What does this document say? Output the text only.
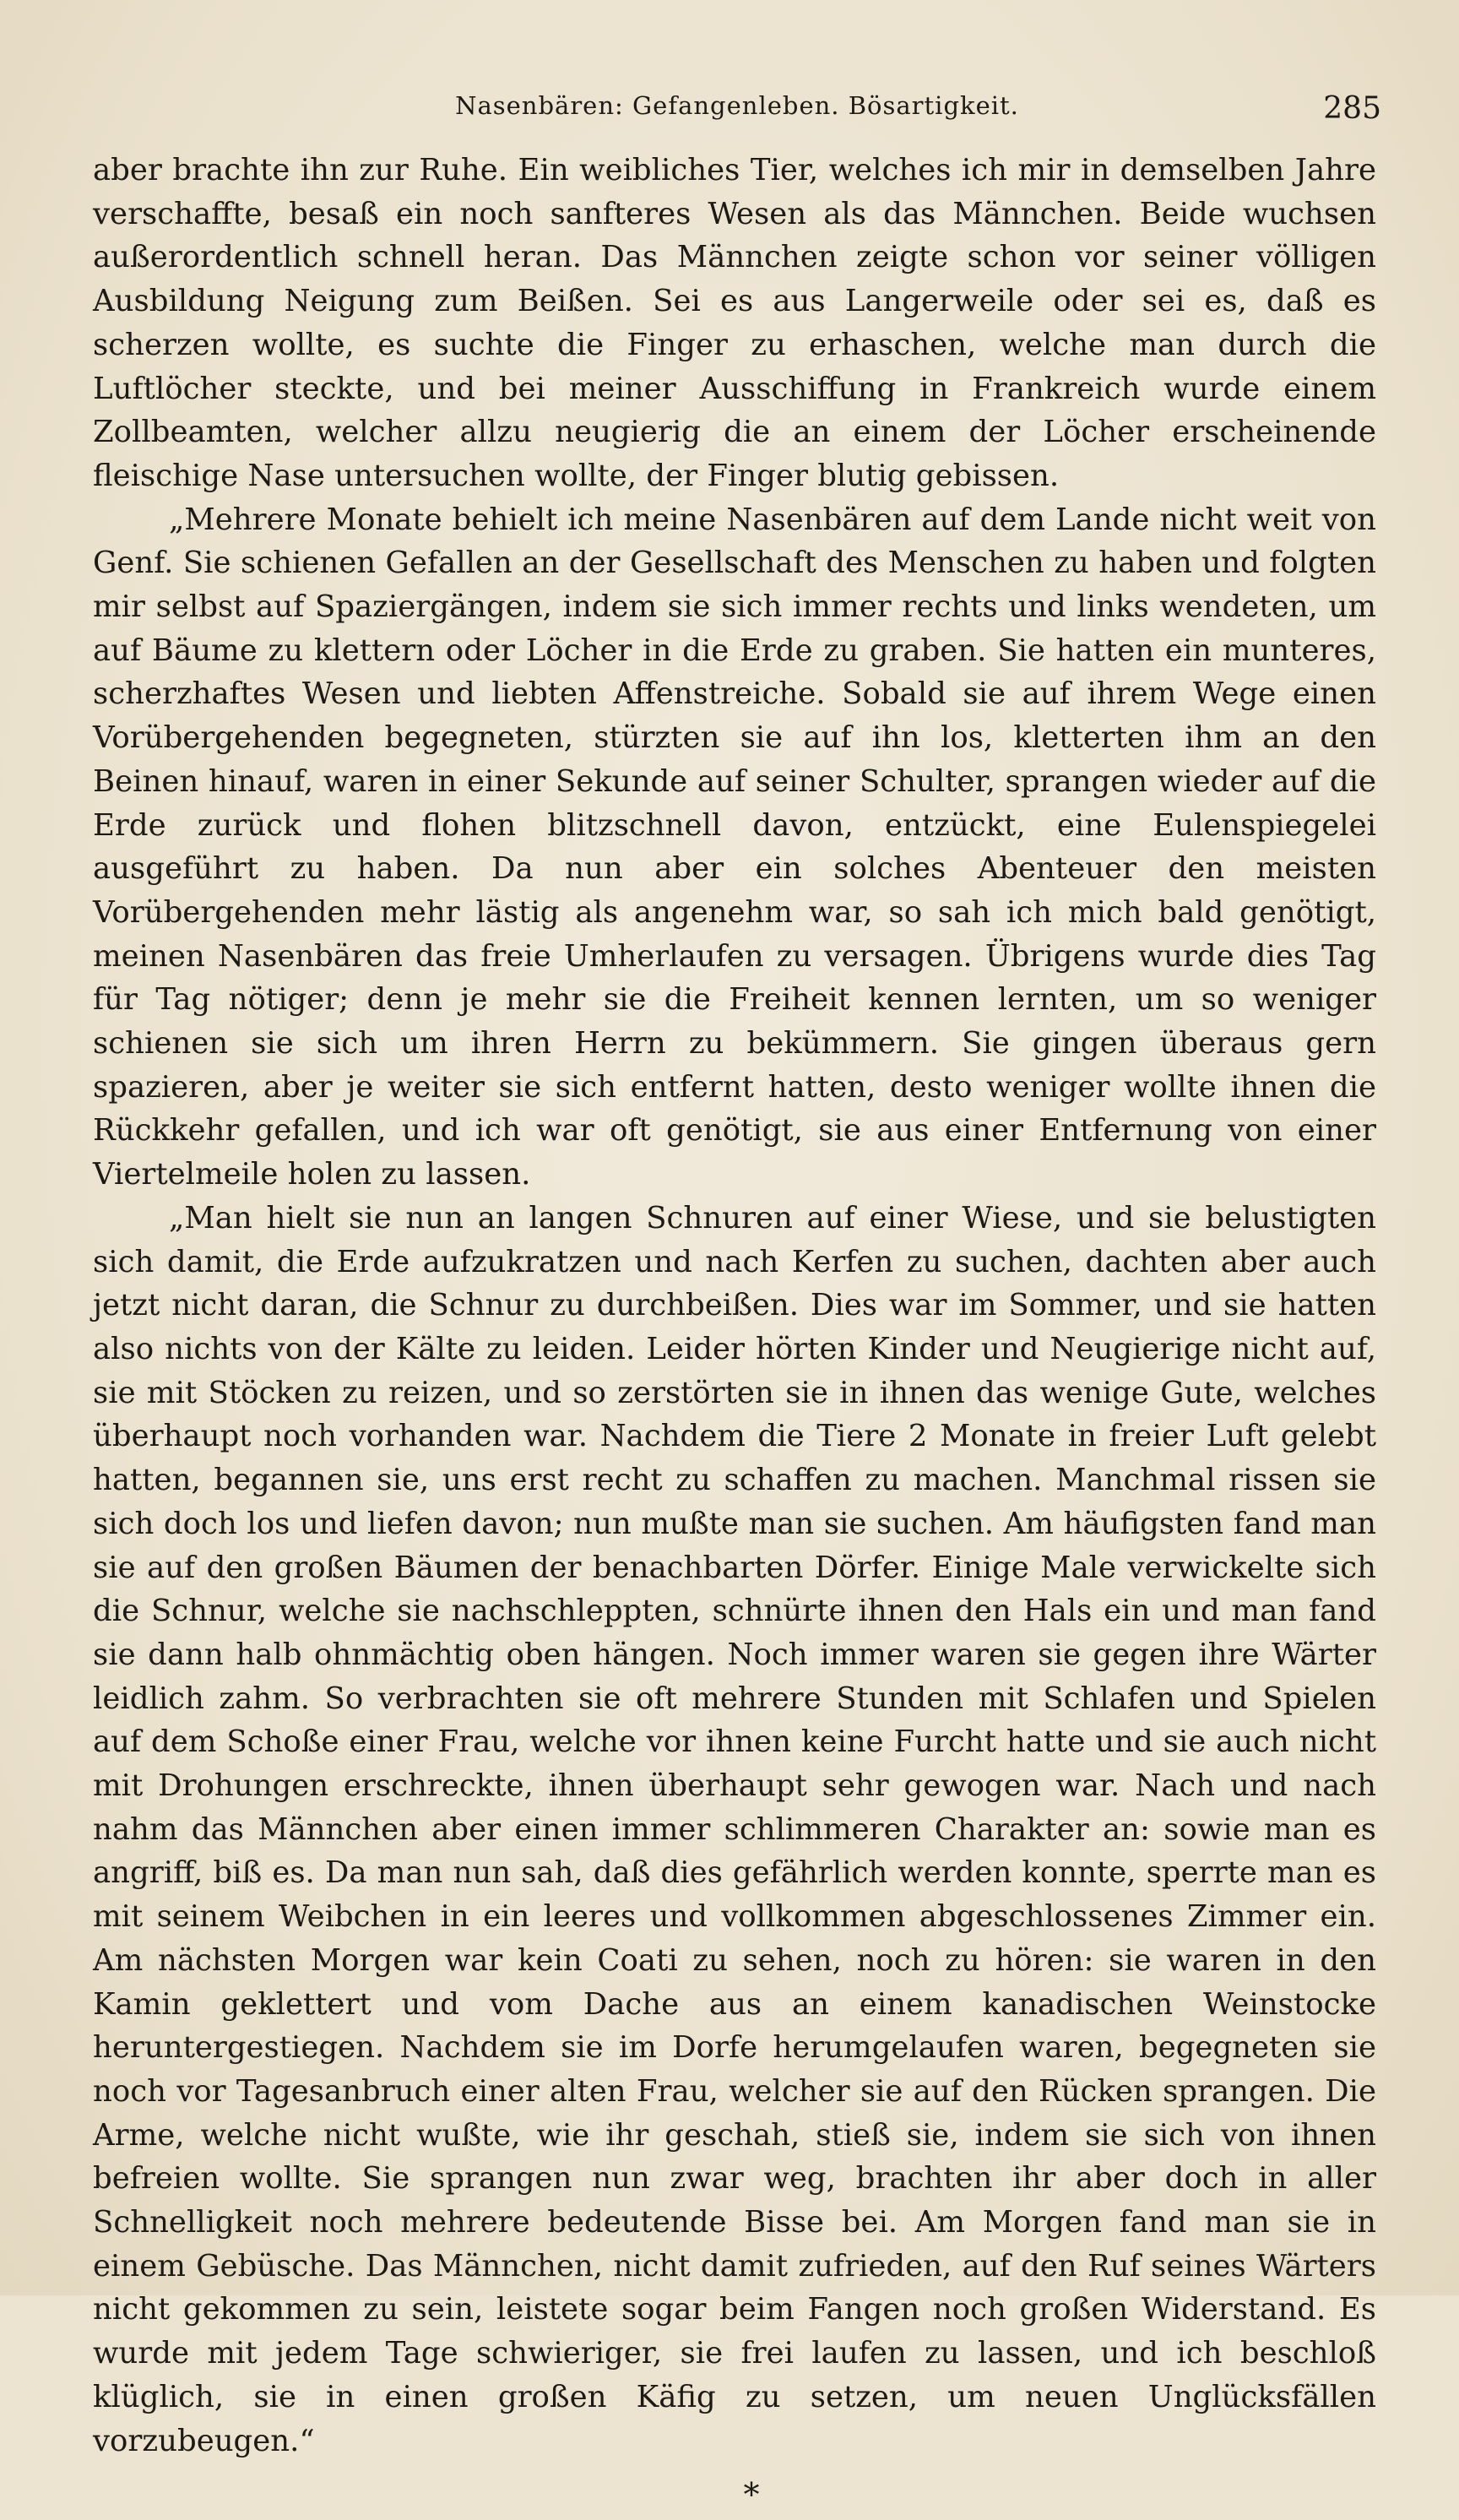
Nasenbären: Gefangenleben. Bösartigkeit.	285

aber brachte ihn zur Ruhe. Ein weibliches Tier, welches ich mir in demselben Jahre verschaffte, besaß ein noch sanfteres Wesen als das Männchen. Beide wuchsen außerordentlich schnell heran. Das Männchen zeigte schon vor seiner völligen Ausbildung Neigung zum Beißen. Sei es aus Langerweile oder sei es, daß es scherzen wollte, es suchte die Finger zu erhaschen, welche man durch die Luftlöcher steckte, und bei meiner Ausschiffung in Frankreich wurde einem Zollbeamten, welcher allzu neugierig die an einem der Löcher erscheinende fleischige Nase untersuchen wollte, der Finger blutig gebissen.

„Mehrere Monate behielt ich meine Nasenbären auf dem Lande nicht weit von Genf. Sie schienen Gefallen an der Gesellschaft des Menschen zu haben und folgten mir selbst auf Spaziergängen, indem sie sich immer rechts und links wendeten, um auf Bäume zu klettern oder Löcher in die Erde zu graben. Sie hatten ein munteres, scherzhaftes Wesen und liebten Affenstreiche. Sobald sie auf ihrem Wege einen Vorübergehenden begegneten, stürzten sie auf ihn los, kletterten ihm an den Beinen hinauf, waren in einer Sekunde auf seiner Schulter, sprangen wieder auf die Erde zurück und flohen blitzschnell davon, entzückt, eine Eulenspiegelei ausgeführt zu haben. Da nun aber ein solches Abenteuer den meisten Vorübergehenden mehr lästig als angenehm war, so sah ich mich bald genötigt, meinen Nasenbären das freie Umherlaufen zu versagen. Übrigens wurde dies Tag für Tag nötiger; denn je mehr sie die Freiheit kennen lernten, um so weniger schienen sie sich um ihren Herrn zu bekümmern. Sie gingen überaus gern spazieren, aber je weiter sie sich entfernt hatten, desto weniger wollte ihnen die Rückkehr gefallen, und ich war oft genötigt, sie aus einer Entfernung von einer Viertelmeile holen zu lassen.

„Man hielt sie nun an langen Schnuren auf einer Wiese, und sie belustigten sich damit, die Erde aufzukratzen und nach Kerfen zu suchen, dachten aber auch jetzt nicht daran, die Schnur zu durchbeißen. Dies war im Sommer, und sie hatten also nichts von der Kälte zu leiden. Leider hörten Kinder und Neugierige nicht auf, sie mit Stöcken zu reizen, und so zerstörten sie in ihnen das wenige Gute, welches überhaupt noch vorhanden war. Nachdem die Tiere 2 Monate in freier Luft gelebt hatten, begannen sie, uns erst recht zu schaffen zu machen. Manchmal rissen sie sich doch los und liefen davon; nun mußte man sie suchen. Am häufigsten fand man sie auf den großen Bäumen der benachbarten Dörfer. Einige Male verwickelte sich die Schnur, welche sie nachschleppten, schnürte ihnen den Hals ein und man fand sie dann halb ohnmächtig oben hängen. Noch immer waren sie gegen ihre Wärter leidlich zahm. So verbrachten sie oft mehrere Stunden mit Schlafen und Spielen auf dem Schoße einer Frau, welche vor ihnen keine Furcht hatte und sie auch nicht mit Drohungen erschreckte, ihnen überhaupt sehr gewogen war. Nach und nach nahm das Männchen aber einen immer schlimmeren Charakter an: sowie man es angriff, biß es. Da man nun sah, daß dies gefährlich werden konnte, sperrte man es mit seinem Weibchen in ein leeres und vollkommen abgeschlossenes Zimmer ein. Am nächsten Morgen war kein Coati zu sehen, noch zu hören: sie waren in den Kamin geklettert und vom Dache aus an einem kanadischen Weinstocke heruntergestiegen. Nachdem sie im Dorfe herumgelaufen waren, begegneten sie noch vor Tagesanbruch einer alten Frau, welcher sie auf den Rücken sprangen. Die Arme, welche nicht wußte, wie ihr geschah, stieß sie, indem sie sich von ihnen befreien wollte. Sie sprangen nun zwar weg, brachten ihr aber doch in aller Schnelligkeit noch mehrere bedeutende Bisse bei. Am Morgen fand man sie in einem Gebüsche. Das Männchen, nicht damit zufrieden, auf den Ruf seines Wärters nicht gekommen zu sein, leistete sogar beim Fangen noch großen Widerstand. Es wurde mit jedem Tage schwieriger, sie frei laufen zu lassen, und ich beschloß klüglich, sie in einen großen Käfig zu setzen, um neuen Unglücksfällen vorzubeugen.“

*
